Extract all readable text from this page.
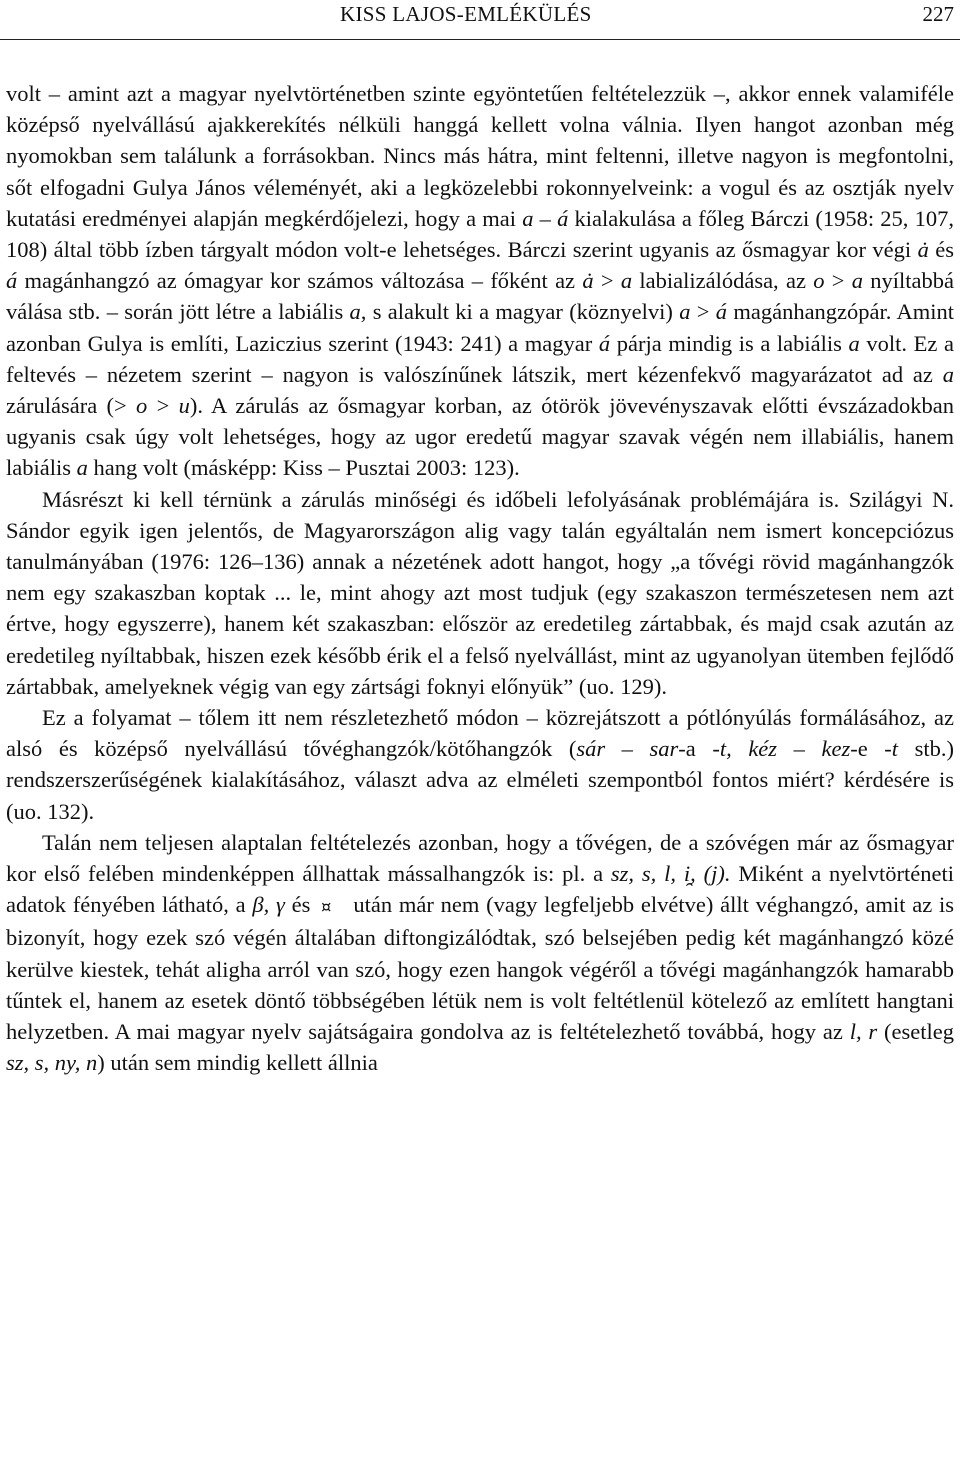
KISS LAJOS-EMLÉKÜLÉS	227

volt – amint azt a magyar nyelvtörténetben szinte egyöntetűen feltételezzük –, akkor ennek valamiféle középső nyelvállású ajakkerekítés nélküli hanggá kellett volna válnia. Ilyen hangot azonban még nyomokban sem találunk a forrásokban. Nincs más hátra, mint feltenni, illetve nagyon is megfontolni, sőt elfogadni Gulya János véleményét, aki a legközelebbi rokonnyelveink: a vogul és az osztják nyelv kutatási eredményei alapján megkérdőjelezi, hogy a mai a – á kialakulása a főleg Bárczi (1958: 25, 107, 108) által több ízben tárgyalt módon volt-e lehetséges. Bárczi szerint ugyanis az ősmagyar kor végi ȧ és á magánhangzó az ómagyar kor számos változása – főként az ȧ > a labializálódása, az o > a nyíltabbá válása stb. – során jött létre a labiális a, s alakult ki a magyar (köznyelvi) a > á magánhangzópár. Amint azonban Gulya is említi, Laziczius szerint (1943: 241) a magyar á párja mindig is a labiális a volt. Ez a feltevés – nézetem szerint – nagyon is valószínűnek látszik, mert kézenfekvő magyarázatot ad az a zárulására (> o > u). A zárulás az ősmagyar korban, az ótörök jövevényszavak előtti évszázadokban ugyanis csak úgy volt lehetséges, hogy az ugor eredetű magyar szavak végén nem illabiális, hanem labiális a hang volt (másképp: Kiss – Pusztai 2003: 123).

Másrészt ki kell térnünk a zárulás minőségi és időbeli lefolyásának problémájára is. Szilágyi N. Sándor egyik igen jelentős, de Magyarországon alig vagy talán egyáltalán nem ismert koncepciózus tanulmányában (1976: 126–136) annak a nézetének adott hangot, hogy „a tővégi rövid magánhangzók nem egy szakaszban koptak ... le, mint ahogy azt most tudjuk (egy szakaszon természetesen nem azt értve, hogy egyszerre), hanem két szakaszban: először az eredetileg zártabbak, és majd csak azután az eredetileg nyíltabbak, hiszen ezek később érik el a felső nyelvállást, mint az ugyanolyan ütemben fejlődő zártabbak, amelyeknek végig van egy zártsági foknyi előnyük” (uo. 129).

Ez a folyamat – tőlem itt nem részletezhető módon – közrejátszott a pótlónyúlás formálásához, az alsó és középső nyelvállású tővéghangzók/kötőhangzók (sár – sar-a -t, kéz – kez-e -t stb.) rendszerszerűségének kialakításához, választ adva az elméleti szempontból fontos miért? kérdésére is (uo. 132).

Talán nem teljesen alaptalan feltételezés azonban, hogy a tővégen, de a szóvégen már az ősmagyar kor első felében mindenképpen állhattak mássalhangzók is: pl. a sz, s, l, i̯, (j). Miként a nyelvtörténeti adatok fényében látható, a β, γ és ¤ után már nem (vagy legfeljebb elvétve) állt véghangzó, amit az is bizonyít, hogy ezek szó végén általában diftongizálódtak, szó belsejében pedig két magánhangzó közé kerülve kiestek, tehát aligha arról van szó, hogy ezen hangok végéről a tővégi magánhangzók hamarabb tűntek el, hanem az esetek döntő többségében létük nem is volt feltétlenül kötelező az említett hangtani helyzetben. A mai magyar nyelv sajátságaira gondolva az is feltételezhető továbbá, hogy az l, r (esetleg sz, s, ny, n) után sem mindig kellett állnia
